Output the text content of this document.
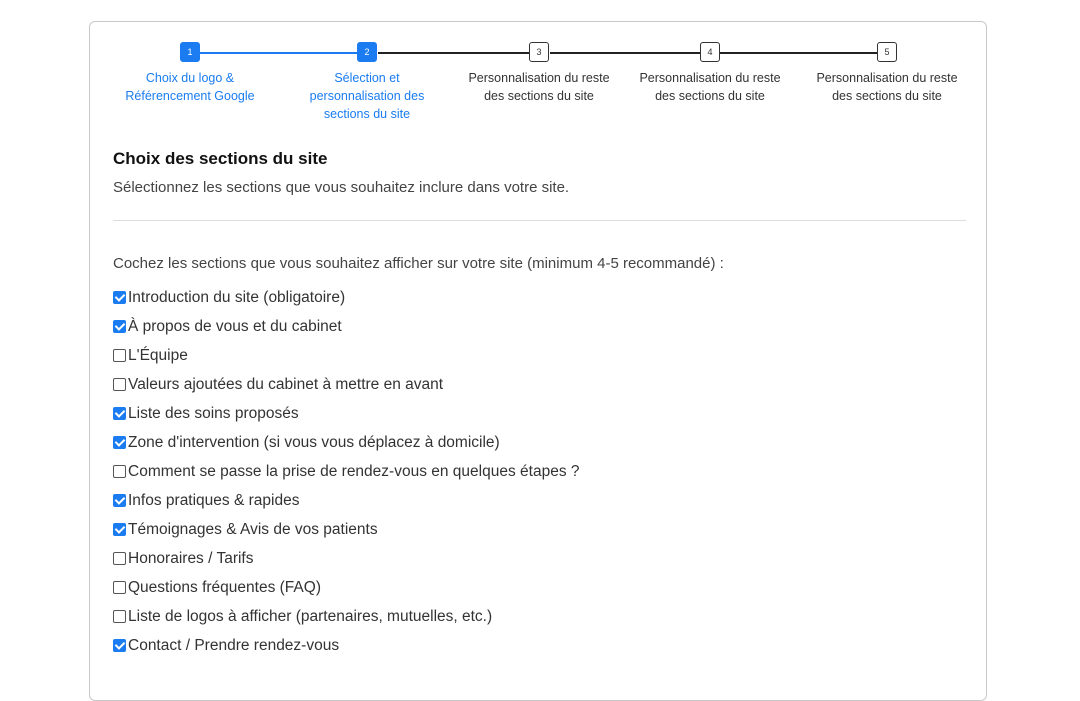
1	2	3	4	5
Choix du logo & Référencement Google
Sélection et personnalisation des sections du site
Personnalisation du reste des sections du site
Personnalisation du reste des sections du site
Personnalisation du reste des sections du site
Choix des sections du site
Sélectionnez les sections que vous souhaitez inclure dans votre site.
Cochez les sections que vous souhaitez afficher sur votre site (minimum 4-5 recommandé) :
Introduction du site (obligatoire)
À propos de vous et du cabinet
L'Équipe
Valeurs ajoutées du cabinet à mettre en avant
Liste des soins proposés
Zone d'intervention (si vous vous déplacez à domicile)
Comment se passe la prise de rendez-vous en quelques étapes ?
Infos pratiques & rapides
Témoignages & Avis de vos patients
Honoraires / Tarifs
Questions fréquentes (FAQ)
Liste de logos à afficher (partenaires, mutuelles, etc.)
Contact / Prendre rendez-vous
